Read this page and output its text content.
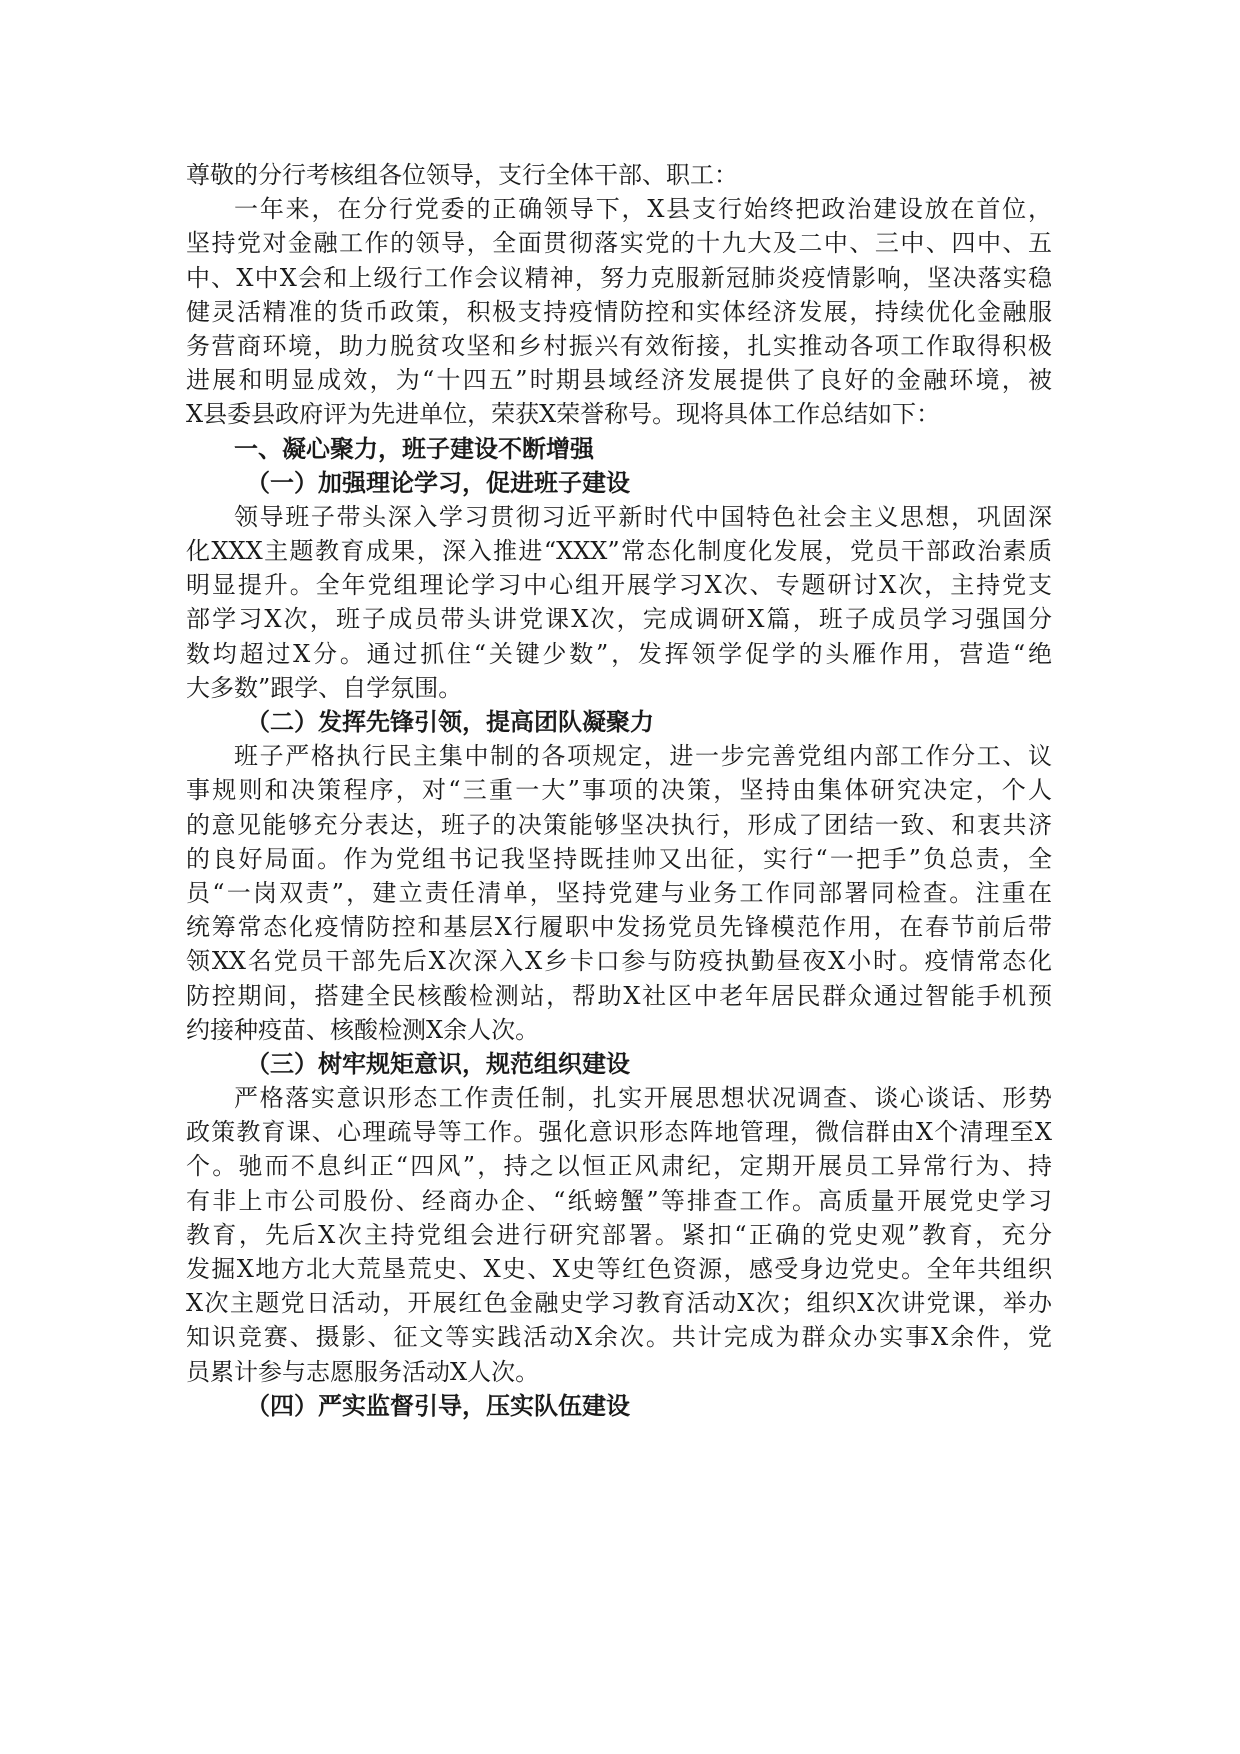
尊敬的分行考核组各位领导，支行全体干部、职工：

一年来，在分行党委的正确领导下，X县支行始终把政治建设放在首位，

坚持党对金融工作的领导，全面贯彻落实党的十九大及二中、三中、四中、五

中、X中X会和上级行工作会议精神，努力克服新冠肺炎疫情影响，坚决落实稳

健灵活精准的货币政策，积极支持疫情防控和实体经济发展，持续优化金融服

务营商环境，助力脱贫攻坚和乡村振兴有效衔接，扎实推动各项工作取得积极

进展和明显成效，为“十四五”时期县域经济发展提供了良好的金融环境，被

X县委县政府评为先进单位，荣获X荣誉称号。现将具体工作总结如下：

一、凝心聚力，班子建设不断增强

（一）加强理论学习，促进班子建设

领导班子带头深入学习贯彻习近平新时代中国特色社会主义思想，巩固深

化XXX主题教育成果，深入推进“XXX”常态化制度化发展，党员干部政治素质

明显提升。全年党组理论学习中心组开展学习X次、专题研讨X次，主持党支

部学习X次，班子成员带头讲党课X次，完成调研X篇，班子成员学习强国分

数均超过X分。通过抓住“关键少数”，发挥领学促学的头雁作用，营造“绝

大多数”跟学、自学氛围。

（二）发挥先锋引领，提高团队凝聚力

班子严格执行民主集中制的各项规定，进一步完善党组内部工作分工、议

事规则和决策程序，对“三重一大”事项的决策，坚持由集体研究决定，个人

的意见能够充分表达，班子的决策能够坚决执行，形成了团结一致、和衷共济

的良好局面。作为党组书记我坚持既挂帅又出征，实行“一把手”负总责，全

员“一岗双责”，建立责任清单，坚持党建与业务工作同部署同检查。注重在

统筹常态化疫情防控和基层X行履职中发扬党员先锋模范作用，在春节前后带

领XX名党员干部先后X次深入X乡卡口参与防疫执勤昼夜X小时。疫情常态化

防控期间，搭建全民核酸检测站，帮助X社区中老年居民群众通过智能手机预

约接种疫苗、核酸检测X余人次。

（三）树牢规矩意识，规范组织建设

严格落实意识形态工作责任制，扎实开展思想状况调查、谈心谈话、形势

政策教育课、心理疏导等工作。强化意识形态阵地管理，微信群由X个清理至X

个。驰而不息纠正“四风”，持之以恒正风肃纪，定期开展员工异常行为、持

有非上市公司股份、经商办企、“纸螃蟹”等排查工作。高质量开展党史学习

教育，先后X次主持党组会进行研究部署。紧扣“正确的党史观”教育，充分

发掘X地方北大荒垦荒史、X史、X史等红色资源，感受身边党史。全年共组织

X次主题党日活动，开展红色金融史学习教育活动X次；组织X次讲党课，举办

知识竞赛、摄影、征文等实践活动X余次。共计完成为群众办实事X余件，党

员累计参与志愿服务活动X人次。

（四）严实监督引导，压实队伍建设
